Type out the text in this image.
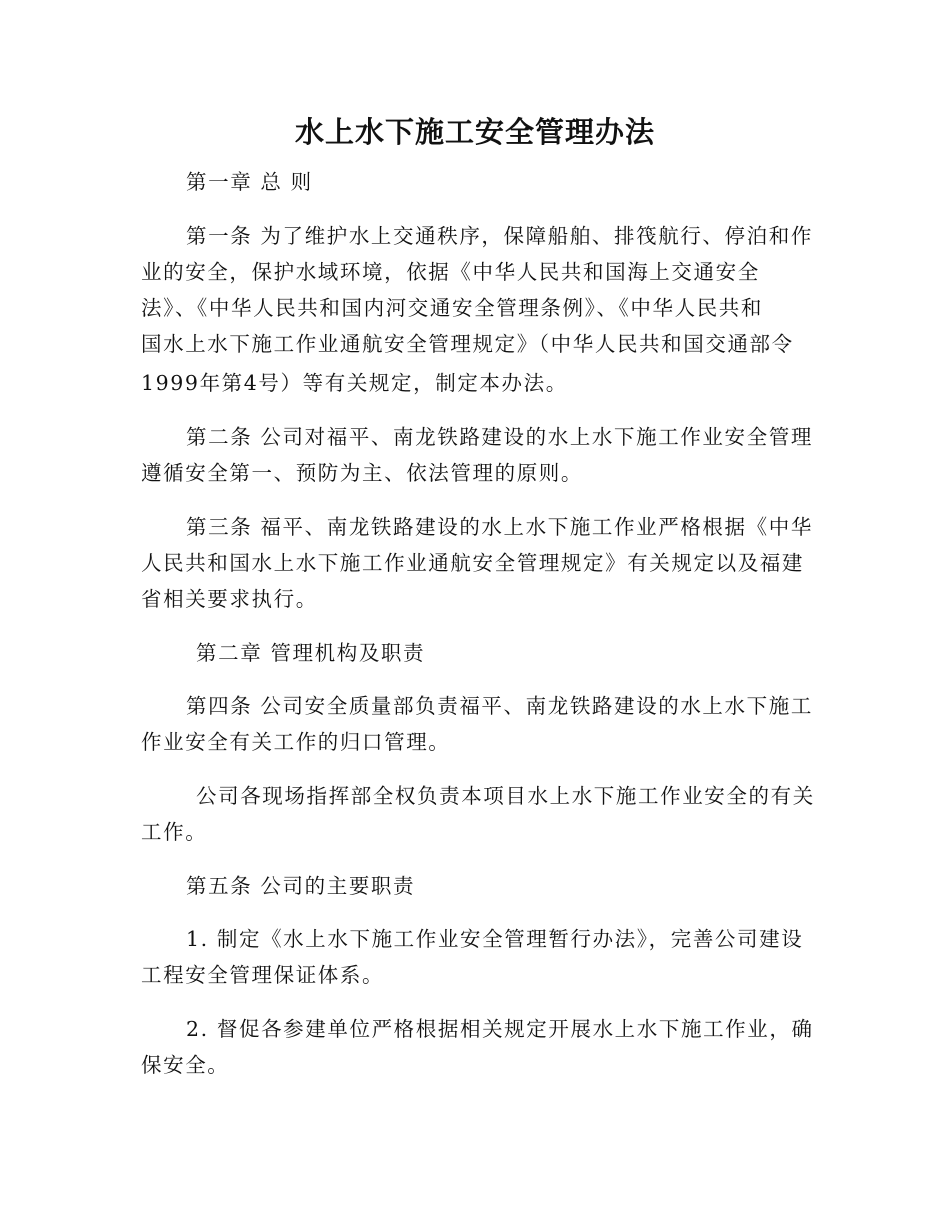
水上水下施工安全管理办法

第一章 总 则

第一条 为了维护水上交通秩序，保障船舶、排筏航行、停泊和作

业的安全，保护水域环境，依据《中华人民共和国海上交通安全

法》、《中华人民共和国内河交通安全管理条例》、《中华人民共和

国水上水下施工作业通航安全管理规定》（中华人民共和国交通部令

1999年第4号）等有关规定，制定本办法。

第二条 公司对福平、南龙铁路建设的水上水下施工作业安全管理

遵循安全第一、预防为主、依法管理的原则。

第三条 福平、南龙铁路建设的水上水下施工作业严格根据《中华

人民共和国水上水下施工作业通航安全管理规定》有关规定以及福建

省相关要求执行。

第二章 管理机构及职责

第四条 公司安全质量部负责福平、南龙铁路建设的水上水下施工

作业安全有关工作的归口管理。

公司各现场指挥部全权负责本项目水上水下施工作业安全的有关

工作。

第五条 公司的主要职责

1. 制定《水上水下施工作业安全管理暂行办法》，完善公司建设

工程安全管理保证体系。

2. 督促各参建单位严格根据相关规定开展水上水下施工作业，确

保安全。
